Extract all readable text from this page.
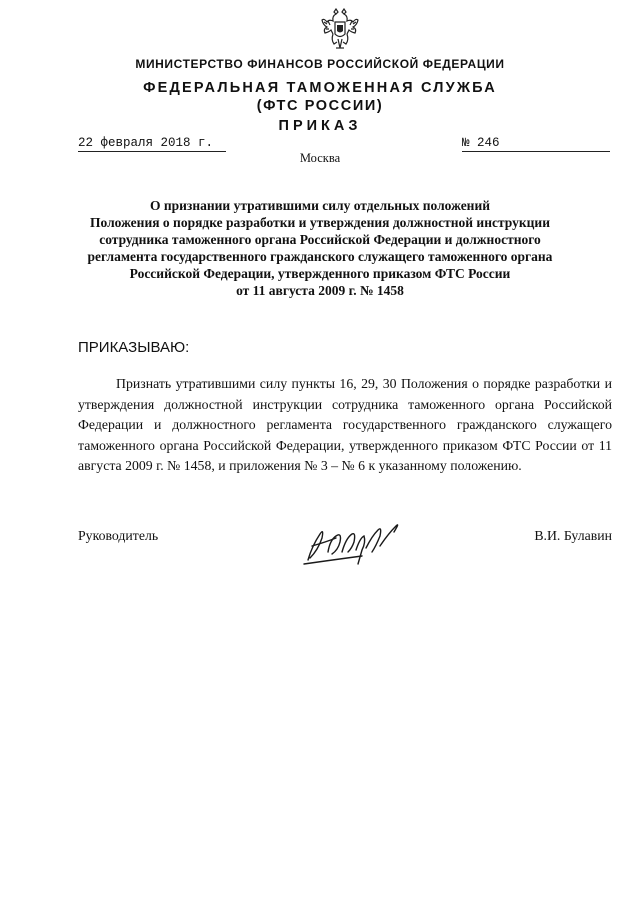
МИНИСТЕРСТВО ФИНАНСОВ РОССИЙСКОЙ ФЕДЕРАЦИИ
ФЕДЕРАЛЬНАЯ ТАМОЖЕННАЯ СЛУЖБА
(ФТС РОССИИ)
ПРИКАЗ
22 февраля 2018 г.	№ 246
Москва
О признании утратившими силу отдельных положений
Положения о порядке разработки и утверждения должностной инструкции
сотрудника таможенного органа Российской Федерации и должностного
регламента государственного гражданского служащего таможенного органа
Российской Федерации, утвержденного приказом ФТС России
от 11 августа 2009 г. № 1458
ПРИКАЗЫВАЮ:
Признать утратившими силу пункты 16, 29, 30 Положения о порядке разработки и утверждения должностной инструкции сотрудника таможенного органа Российской Федерации и должностного регламента государственного гражданского служащего таможенного органа Российской Федерации, утвержденного приказом ФТС России от 11 августа 2009 г. № 1458, и приложения № 3 – № 6 к указанному положению.
Руководитель	В.И. Булавин
